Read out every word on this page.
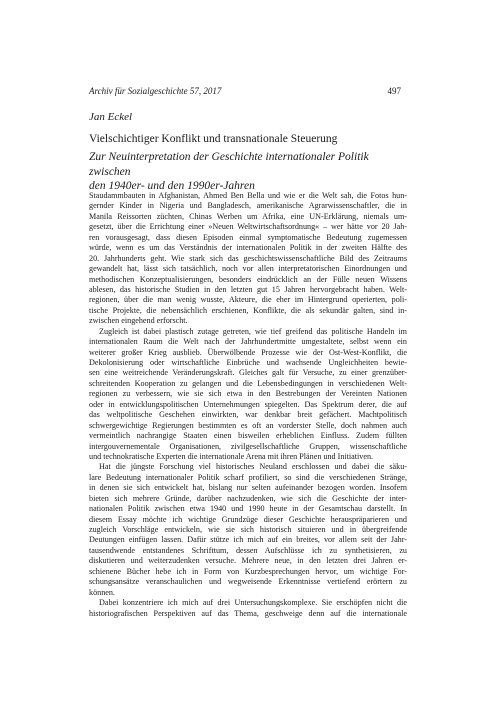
Archiv für Sozialgeschichte 57, 2017	497
Jan Eckel
Vielschichtiger Konflikt und transnationale Steuerung
Zur Neuinterpretation der Geschichte internationaler Politik zwischen
den 1940er- und den 1990er-Jahren
Staudammbauten in Afghanistan, Ahmed Ben Bella und wie er die Welt sah, die Fotos hun-
gernder Kinder in Nigeria und Bangladesch, amerikanische Agrarwissenschaftler, die in
Manila Reissorten züchten, Chinas Werben um Afrika, eine UN-Erklärung, niemals um-
gesetzt, über die Errichtung einer »Neuen Weltwirtschaftsordnung« – wer hätte vor 20 Jah-
ren vorausgesagt, dass diesen Episoden einmal symptomatische Bedeutung zugemessen
würde, wenn es um das Verständnis der internationalen Politik in der zweiten Hälfte des
20. Jahrhunderts geht. Wie stark sich das geschichtswissenschaftliche Bild des Zeitraums
gewandelt hat, lässt sich tatsächlich, noch vor allen interpretatorischen Einordnungen und
methodischen Konzeptualisierungen, besonders eindrücklich an der Fülle neuen Wissens
ablesen, das historische Studien in den letzten gut 15 Jahren hervorgebracht haben. Welt-
regionen, über die man wenig wusste, Akteure, die eher im Hintergrund operierten, poli-
tische Projekte, die nebensächlich erschienen, Konflikte, die als sekundär galten, sind in-
zwischen eingehend erforscht.
Zugleich ist dabei plastisch zutage getreten, wie tief greifend das politische Handeln im
internationalen Raum die Welt nach der Jahrhundertmitte umgestaltete, selbst wenn ein
weiterer großer Krieg ausblieb. Überwölbende Prozesse wie der Ost-West-Konflikt, die
Dekolonisierung oder wirtschaftliche Einbrüche und wachsende Ungleichheiten bewie-
sen eine weitreichende Veränderungskraft. Gleiches galt für Versuche, zu einer grenzüber-
schreitenden Kooperation zu gelangen und die Lebensbedingungen in verschiedenen Welt-
regionen zu verbessern, wie sie sich etwa in den Bestrebungen der Vereinten Nationen
oder in entwicklungspolitischen Unternehmungen spiegelten. Das Spektrum derer, die auf
das weltpolitische Geschehen einwirkten, war denkbar breit gefächert. Machtpolitisch
schwergewichtige Regierungen bestimmten es oft an vorderster Stelle, doch nahmen auch
vermeintlich nachrangige Staaten einen bisweilen erheblichen Einfluss. Zudem füllten
intergouvernementale Organisationen, zivilgesellschaftliche Gruppen, wissenschaftliche
und technokratische Experten die internationale Arena mit ihren Plänen und Initiativen.
Hat die jüngste Forschung viel historisches Neuland erschlossen und dabei die säku-
lare Bedeutung internationaler Politik scharf profiliert, so sind die verschiedenen Stränge,
in denen sie sich entwickelt hat, bislang nur selten aufeinander bezogen worden. Insofern
bieten sich mehrere Gründe, darüber nachzudenken, wie sich die Geschichte der inter-
nationalen Politik zwischen etwa 1940 und 1990 heute in der Gesamtschau darstellt. In
diesem Essay möchte ich wichtige Grundzüge dieser Geschichte herauspräparieren und
zugleich Vorschläge entwickeln, wie sie sich historisch situieren und in übergreifende
Deutungen einfügen lassen. Dafür stütze ich mich auf ein breites, vor allem seit der Jahr-
tausendwende entstandenes Schrifttum, dessen Aufschlüsse ich zu synthetisieren, zu
diskutieren und weiterzudenken versuche. Mehrere neue, in den letzten drei Jahren er-
schienene Bücher hebe ich in Form von Kurzbesprechungen hervor, um wichtige For-
schungsansätze veranschaulichen und wegweisende Erkenntnisse vertiefend erörtern zu
können.
Dabei konzentriere ich mich auf drei Untersuchungskomplexe. Sie erschöpfen nicht die
historiografischen Perspektiven auf das Thema, geschweige denn auf die internationale
